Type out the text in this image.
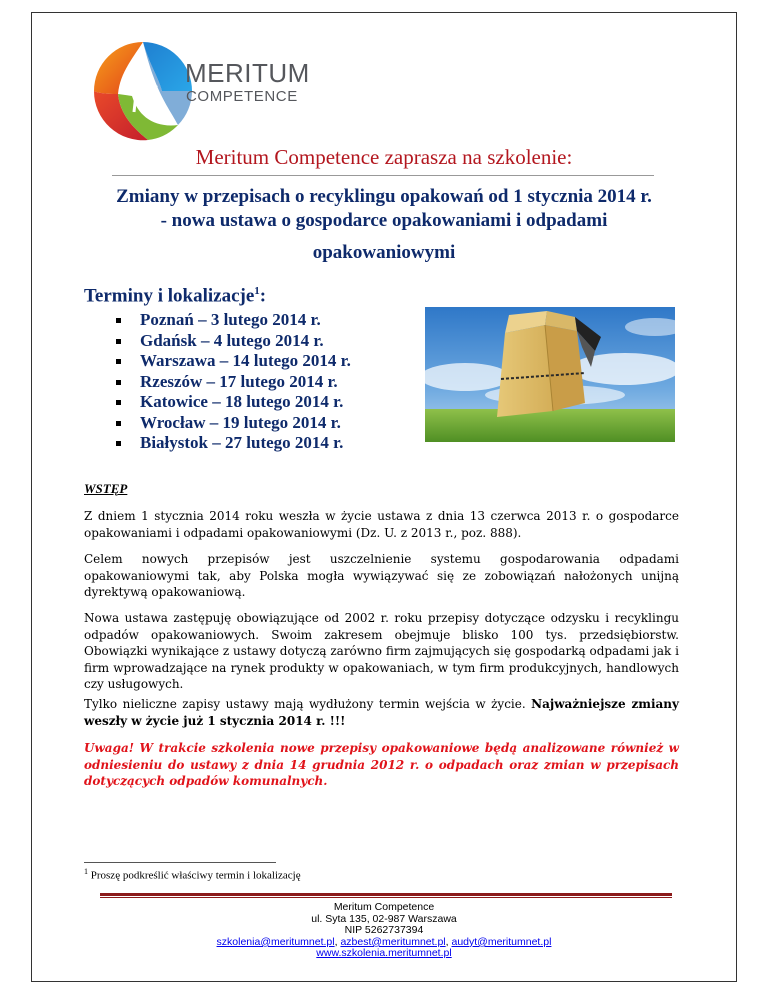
MERITUM
COMPETENCE
Meritum Competence zaprasza na szkolenie:
Zmiany w przepisach o recyklingu opakowań od 1 stycznia 2014 r.
- nowa ustawa o gospodarce opakowaniami i odpadami
opakowaniowymi
Terminy i lokalizacje$^1$:
Poznań – 3 lutego 2014 r.
Gdańsk – 4 lutego 2014 r.
Warszawa – 14 lutego 2014 r.
Rzeszów – 17 lutego 2014 r.
Katowice – 18 lutego 2014 r.
Wrocław – 19 lutego 2014 r.
Białystok – 27 lutego 2014 r.
WSTĘP

Z dniem 1 stycznia 2014 roku weszła w życie ustawa z dnia 13 czerwca 2013 r. o gospodarce opakowaniami i odpadami opakowaniowymi (Dz. U. z 2013 r., poz. 888).

Celem nowych przepisów jest uszczelnienie systemu gospodarowania odpadami opakowaniowymi tak, aby Polska mogła wywiązywać się ze zobowiązań nałożonych unijną dyrektywą opakowaniową.

Nowa ustawa zastępuję obowiązujące od 2002 r. roku przepisy dotyczące odzysku i recyklingu odpadów opakowaniowych. Swoim zakresem obejmuje blisko 100 tys. przedsiębiorstw. Obowiązki wynikające z ustawy dotyczą zarówno firm zajmujących się gospodarką odpadami jak i firm wprowadzające na rynek produkty w opakowaniach, w tym firm produkcyjnych, handlowych czy usługowych.

Tylko nieliczne zapisy ustawy mają wydłużony termin wejścia w życie. Najważniejsze zmiany weszły w życie już 1 stycznia 2014 r. !!!

Uwaga! W trakcie szkolenia nowe przepisy opakowaniowe będą analizowane również w odniesieniu do ustawy z dnia 14 grudnia 2012 r. o odpadach oraz zmian w przepisach dotyczących odpadów komunalnych.

$^1$ Proszę podkreślić właściwy termin i lokalizację
Meritum Competence
ul. Syta 135, 02-987 Warszawa
NIP 5262737394
szkolenia@meritumnet.pl, azbest@meritumnet.pl, audyt@meritumnet.pl
www.szkolenia.meritumnet.pl
